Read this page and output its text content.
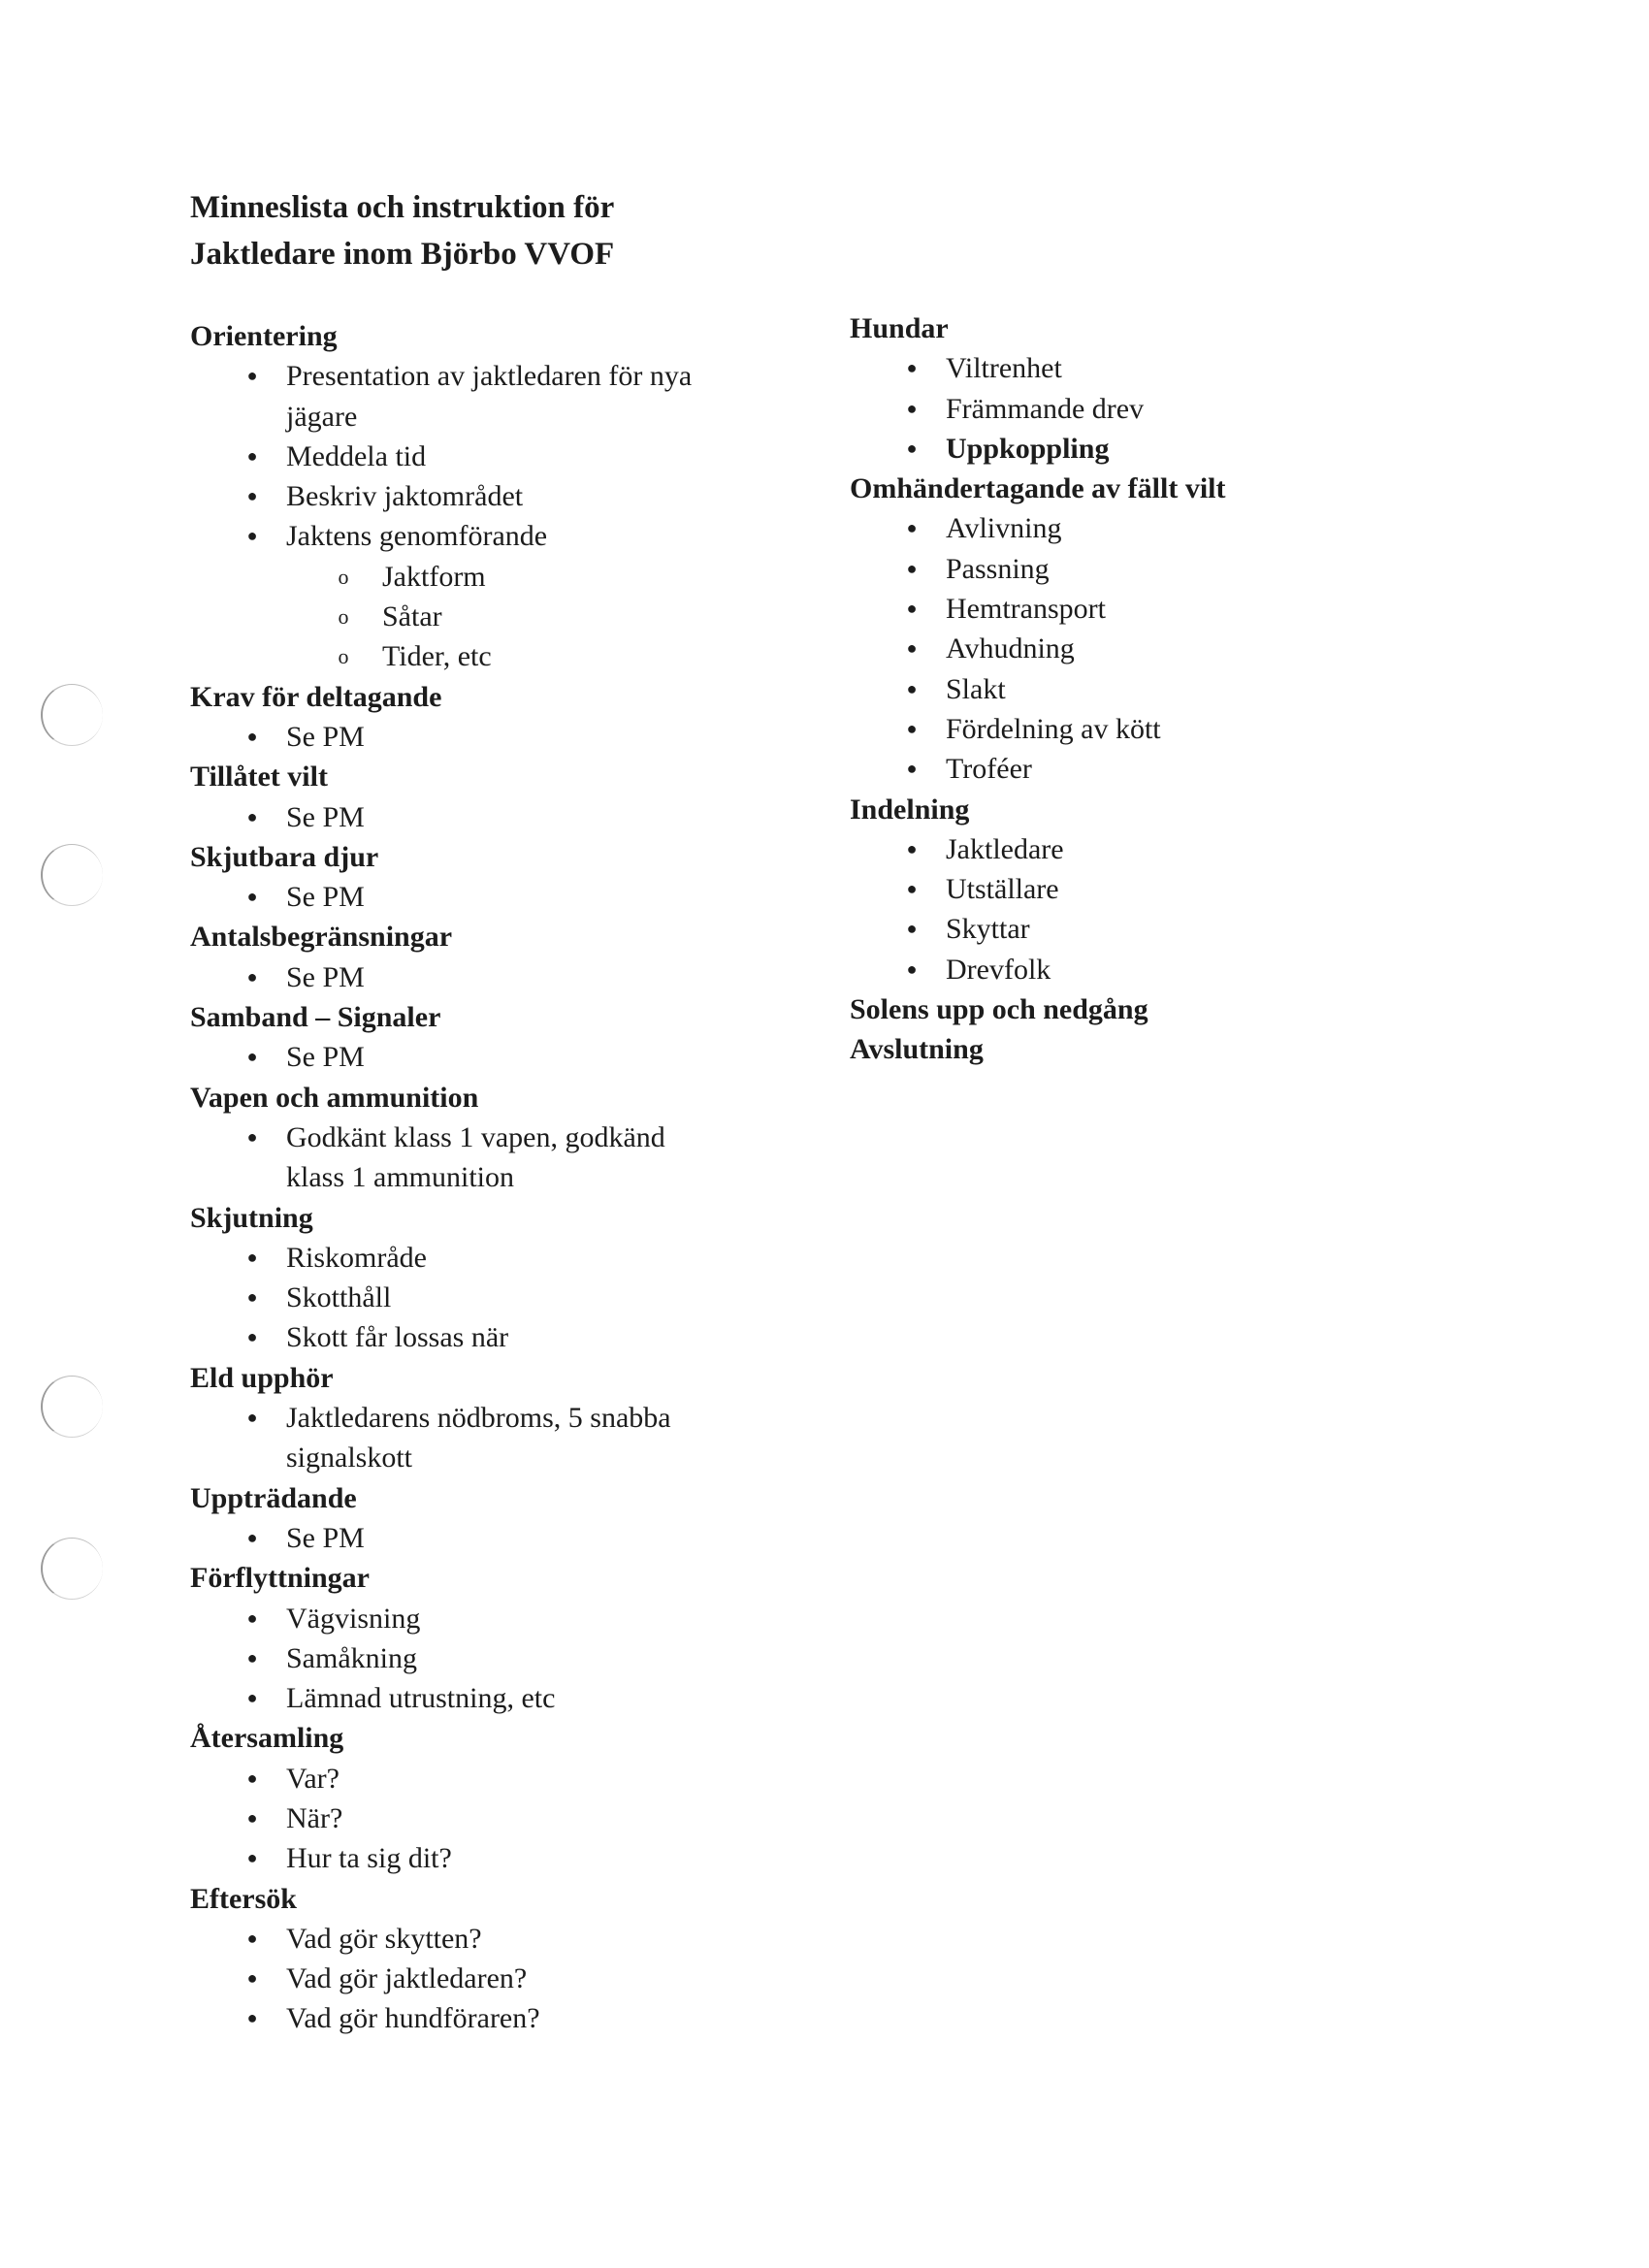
Minneslista och instruktion för
Jaktledare inom Björbo VVOF
Orientering
● Presentation av jaktledaren för nya
jägare
● Meddela tid
● Beskriv jaktområdet
● Jaktens genomförande
o Jaktform
o Såtar
o Tider, etc
Krav för deltagande
● Se PM
Tillåtet vilt
● Se PM
Skjutbara djur
● Se PM
Antalsbegränsningar
● Se PM
Samband – Signaler
● Se PM
Vapen och ammunition
● Godkänt klass 1 vapen, godkänd
klass 1 ammunition
Skjutning
● Riskområde
● Skotthåll
● Skott får lossas när
Eld upphör
● Jaktledarens nödbroms, 5 snabba
signalskott
Uppträdande
● Se PM
Förflyttningar
● Vägvisning
● Samåkning
● Lämnad utrustning, etc
Återsamling
● Var?
● När?
● Hur ta sig dit?
Eftersök
● Vad gör skytten?
● Vad gör jaktledaren?
● Vad gör hundföraren?
Hundar
● Viltrenhet
● Främmande drev
● Uppkoppling
Omhändertagande av fällt vilt
● Avlivning
● Passning
● Hemtransport
● Avhudning
● Slakt
● Fördelning av kött
● Troféer
Indelning
● Jaktledare
● Utställare
● Skyttar
● Drevfolk
Solens upp och nedgång
Avslutning
